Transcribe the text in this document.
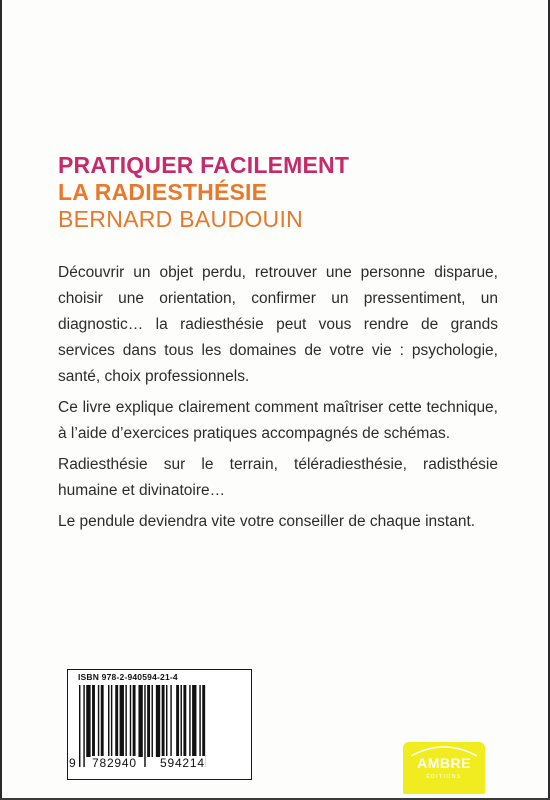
PRATIQUER FACILEMENT
LA RADIESTHÉSIE
BERNARD BAUDOUIN

Découvrir un objet perdu, retrouver une personne disparue, choisir une orientation, confirmer un pressentiment, un diagnostic… la radiesthésie peut vous rendre de grands services dans tous les domaines de votre vie : psychologie, santé, choix professionnels.

Ce livre explique clairement comment maîtriser cette technique, à l’aide d’exercices pratiques accompagnés de schémas.

Radiesthésie sur le terrain, téléradiesthésie, radisthésie humaine et divinatoire…

Le pendule deviendra vite votre conseiller de chaque instant.

ISBN 978-2-940594-21-4
9 782940 594214	AMBRE
ÉDITIONS
